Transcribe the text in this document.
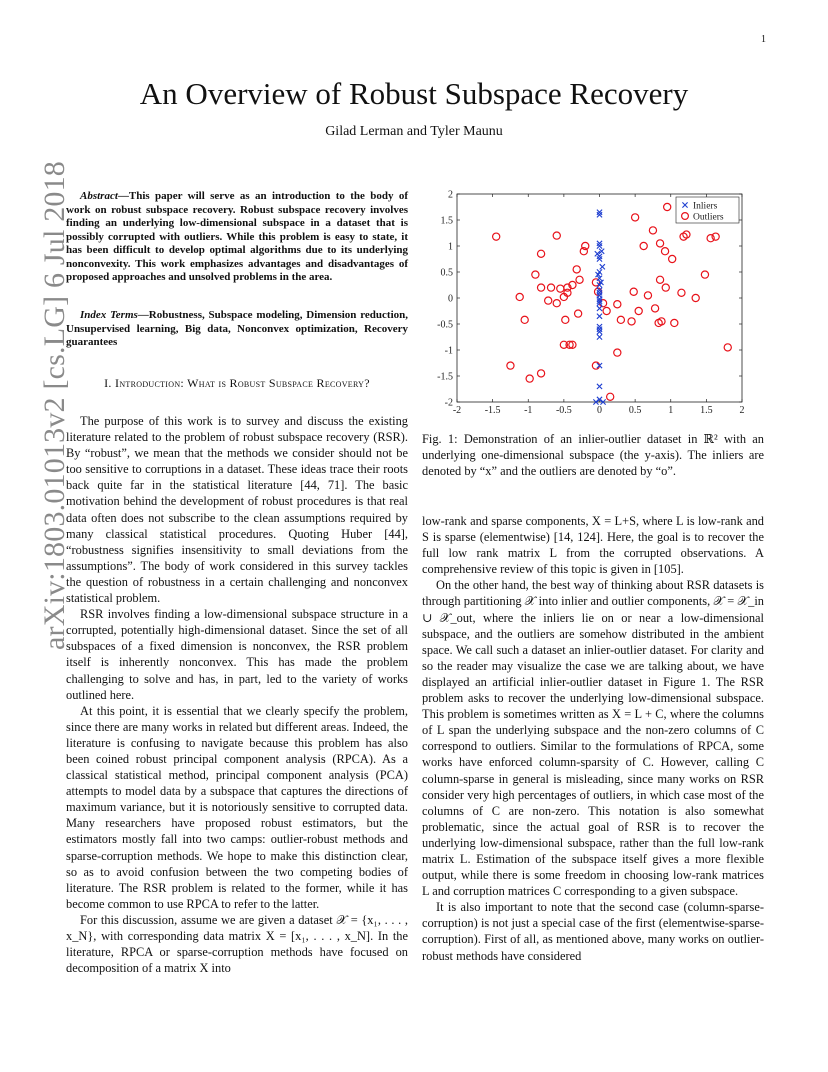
1
arXiv:1803.01013v2 [cs.LG] 6 Jul 2018
An Overview of Robust Subspace Recovery
Gilad Lerman and Tyler Maunu

Abstract—This paper will serve as an introduction to the body of work on robust subspace recovery. Robust subspace recovery involves finding an underlying low-dimensional subspace in a dataset that is possibly corrupted with outliers. While this problem is easy to state, it has been difficult to develop optimal algorithms due to its underlying nonconvexity. This work emphasizes advantages and disadvantages of proposed approaches and unsolved problems in the area.

Index Terms—Robustness, Subspace modeling, Dimension reduction, Unsupervised learning, Big data, Nonconvex optimization, Recovery guarantees

I. Introduction: What is Robust Subspace Recovery?

The purpose of this work is to survey and discuss the existing literature related to the problem of robust subspace recovery (RSR). By “robust”, we mean that the methods we consider should not be too sensitive to corruptions in a dataset. These ideas trace their roots back quite far in the statistical literature [44, 71]. The basic motivation behind the development of robust procedures is that real data often does not subscribe to the clean assumptions required by many classical statistical procedures. Quoting Huber [44], “robustness signifies insensitivity to small deviations from the assumptions”. The body of work considered in this survey tackles the question of robustness in a certain challenging and nonconvex statistical problem.

RSR involves finding a low-dimensional subspace structure in a corrupted, potentially high-dimensional dataset. Since the set of all subspaces of a fixed dimension is nonconvex, the RSR problem itself is inherently nonconvex. This has made the problem challenging to solve and has, in part, led to the variety of works outlined here.

At this point, it is essential that we clearly specify the problem, since there are many works in related but different areas. Indeed, the literature is confusing to navigate because this problem has also been coined robust principal component analysis (RPCA). As a classical statistical method, principal component analysis (PCA) attempts to model data by a subspace that captures the directions of maximum variance, but it is notoriously sensitive to corrupted data. Many researchers have proposed robust estimators, but the estimators mostly fall into two camps: outlier-robust methods and sparse-corruption methods. We hope to make this distinction clear, so as to avoid confusion between the two competing bodies of literature. The RSR problem is related to the former, while it has become common to use RPCA to refer to the latter.

For this discussion, assume we are given a dataset 𝒳 = {x₁, . . . , x_N}, with corresponding data matrix X = [x₁, . . . , x_N]. In the literature, RPCA or sparse-corruption methods have focused on decomposition of a matrix X into

-2 -1.5 -1 -0.5	0	0.5	1	1.5	2
2
1.5
1
0.5
0
-0.5
-1
-1.5
-2
Inliers
Outliers
Fig. 1: Demonstration of an inlier-outlier dataset in ℝ² with an underlying one-dimensional subspace (the y-axis). The inliers are denoted by “x” and the outliers are denoted by “o”.

low-rank and sparse components, X = L+S, where L is low-rank and S is sparse (elementwise) [14, 124]. Here, the goal is to recover the full low rank matrix L from the corrupted observations. A comprehensive review of this topic is given in [105].

On the other hand, the best way of thinking about RSR datasets is through partitioning 𝒳 into inlier and outlier components, 𝒳 = 𝒳_in ∪ 𝒳_out, where the inliers lie on or near a low-dimensional subspace, and the outliers are somehow distributed in the ambient space. We call such a dataset an inlier-outlier dataset. For clarity and so the reader may visualize the case we are talking about, we have displayed an artificial inlier-outlier dataset in Figure 1. The RSR problem asks to recover the underlying low-dimensional subspace. This problem is sometimes written as X = L + C, where the columns of L span the underlying subspace and the non-zero columns of C correspond to outliers. Similar to the formulations of RPCA, some works have enforced column-sparsity of C. However, calling C column-sparse in general is misleading, since many works on RSR consider very high percentages of outliers, in which case most of the columns of C are non-zero. This notation is also somewhat problematic, since the actual goal of RSR is to recover the underlying low-dimensional subspace, rather than the full low-rank matrix L. Estimation of the subspace itself gives a more flexible output, while there is some freedom in choosing low-rank matrices L and corruption matrices C corresponding to a given subspace.

It is also important to note that the second case (column-sparse-corruption) is not just a special case of the first (elementwise-sparse-corruption). First of all, as mentioned above, many works on outlier-robust methods have considered
